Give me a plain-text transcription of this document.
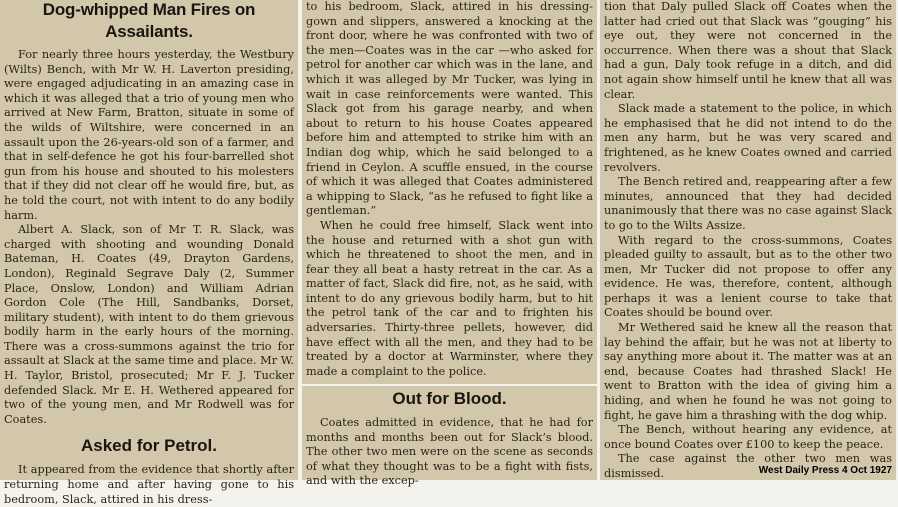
Dog-whipped Man Fires on Assailants.

For nearly three hours yesterday, the Westbury (Wilts) Bench, with Mr W. H. Laverton presiding, were engaged adjudicating in an amazing case in which it was alleged that a trio of young men who arrived at New Farm, Bratton, situate in some of the wilds of Wiltshire, were concerned in an assault upon the 26-years-old son of a farmer, and that in self-defence he got his four-barrelled shot gun from his house and shouted to his molesters that if they did not clear off he would fire, but, as he told the court, not with intent to do any bodily harm.

Albert A. Slack, son of Mr T. R. Slack, was charged with shooting and wounding Donald Bateman, H. Coates (49, Drayton Gardens, London), Reginald Segrave Daly (2, Summer Place, Onslow, London) and William Adrian Gordon Cole (The Hill, Sandbanks, Dorset, military student), with intent to do them grievous bodily harm in the early hours of the morning. There was a cross-summons against the trio for assault at Slack at the same time and place. Mr W. H. Taylor, Bristol, prosecuted; Mr F. J. Tucker defended Slack. Mr E. H. Wethered appeared for two of the young men, and Mr Rodwell was for Coates.

Asked for Petrol.

It appeared from the evidence that shortly after returning home and after having gone to his bedroom, Slack, attired in his dress-

to his bedroom, Slack, attired in his dressing-gown and slippers, answered a knocking at the front door, where he was confronted with two of the men—Coates was in the car —who asked for petrol for another car which was in the lane, and which it was alleged by Mr Tucker, was lying in wait in case reinforcements were wanted. This Slack got from his garage nearby, and when about to return to his house Coates appeared before him and attempted to strike him with an Indian dog whip, which he said belonged to a friend in Ceylon. A scuffle ensued, in the course of which it was alleged that Coates administered a whipping to Slack, “as he refused to fight like a gentleman.”

When he could free himself, Slack went into the house and returned with a shot gun with which he threatened to shoot the men, and in fear they all beat a hasty retreat in the car. As a matter of fact, Slack did fire, not, as he said, with intent to do any grievous bodily harm, but to hit the petrol tank of the car and to frighten his adversaries. Thirty-three pellets, however, did have effect with all the men, and they had to be treated by a doctor at Warminster, where they made a complaint to the police.

Out for Blood.

Coates admitted in evidence, that he had for months and months been out for Slack’s blood. The other two men were on the scene as seconds of what they thought was to be a fight with fists, and with the excep-

tion that Daly pulled Slack off Coates when the latter had cried out that Slack was “gouging” his eye out, they were not concerned in the occurrence. When there was a shout that Slack had a gun, Daly took refuge in a ditch, and did not again show himself until he knew that all was clear.

Slack made a statement to the police, in which he emphasised that he did not intend to do the men any harm, but he was very scared and frightened, as he knew Coates owned and carried revolvers.

The Bench retired and, reappearing after a few minutes, announced that they had decided unanimously that there was no case against Slack to go to the Wilts Assize.

With regard to the cross-summons, Coates pleaded guilty to assault, but as to the other two men, Mr Tucker did not propose to offer any evidence. He was, therefore, content, although perhaps it was a lenient course to take that Coates should be bound over.

Mr Wethered said he knew all the reason that lay behind the affair, but he was not at liberty to say anything more about it. The matter was at an end, because Coates had thrashed Slack! He went to Bratton with the idea of giving him a hiding, and when he found he was not going to fight, he gave him a thrashing with the dog whip.

The Bench, without hearing any evidence, at once bound Coates over £100 to keep the peace.

The case against the other two men was dismissed.	West Daily Press 4 Oct 1927
